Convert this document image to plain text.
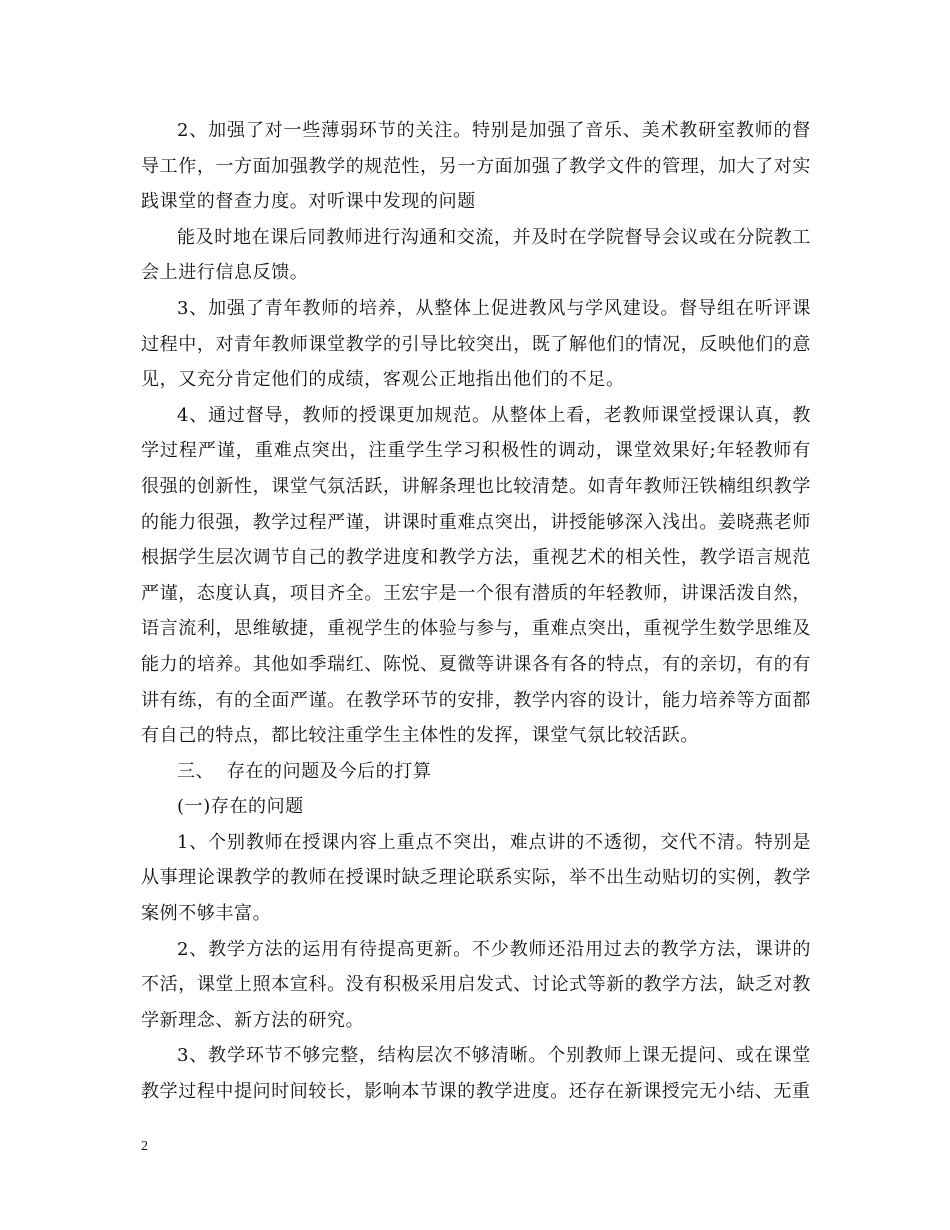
2、加强了对一些薄弱环节的关注。特别是加强了音乐、美术教研室教师的督导工作，一方面加强教学的规范性，另一方面加强了教学文件的管理，加大了对实践课堂的督查力度。对听课中发现的问题

能及时地在课后同教师进行沟通和交流，并及时在学院督导会议或在分院教工会上进行信息反馈。

3、加强了青年教师的培养，从整体上促进教风与学风建设。督导组在听评课过程中，对青年教师课堂教学的引导比较突出，既了解他们的情况，反映他们的意见，又充分肯定他们的成绩，客观公正地指出他们的不足。

4、通过督导，教师的授课更加规范。从整体上看，老教师课堂授课认真，教学过程严谨，重难点突出，注重学生学习积极性的调动，课堂效果好;年轻教师有很强的创新性，课堂气氛活跃，讲解条理也比较清楚。如青年教师汪铁楠组织教学的能力很强，教学过程严谨，讲课时重难点突出，讲授能够深入浅出。姜晓燕老师根据学生层次调节自己的教学进度和教学方法，重视艺术的相关性，教学语言规范严谨，态度认真，项目齐全。王宏宇是一个很有潜质的年轻教师，讲课活泼自然，语言流利，思维敏捷，重视学生的体验与参与，重难点突出，重视学生数学思维及能力的培养。其他如季瑞红、陈悦、夏微等讲课各有各的特点，有的亲切，有的有讲有练，有的全面严谨。在教学环节的安排，教学内容的设计，能力培养等方面都有自己的特点，都比较注重学生主体性的发挥，课堂气氛比较活跃。

三、  存在的问题及今后的打算

(一)存在的问题

1、个别教师在授课内容上重点不突出，难点讲的不透彻，交代不清。特别是从事理论课教学的教师在授课时缺乏理论联系实际，举不出生动贴切的实例，教学案例不够丰富。

2、教学方法的运用有待提高更新。不少教师还沿用过去的教学方法，课讲的不活，课堂上照本宣科。没有积极采用启发式、讨论式等新的教学方法，缺乏对教学新理念、新方法的研究。

3、教学环节不够完整，结构层次不够清晰。个别教师上课无提问、或在课堂教学过程中提问时间较长，影响本节课的教学进度。还存在新课授完无小结、无重

2
